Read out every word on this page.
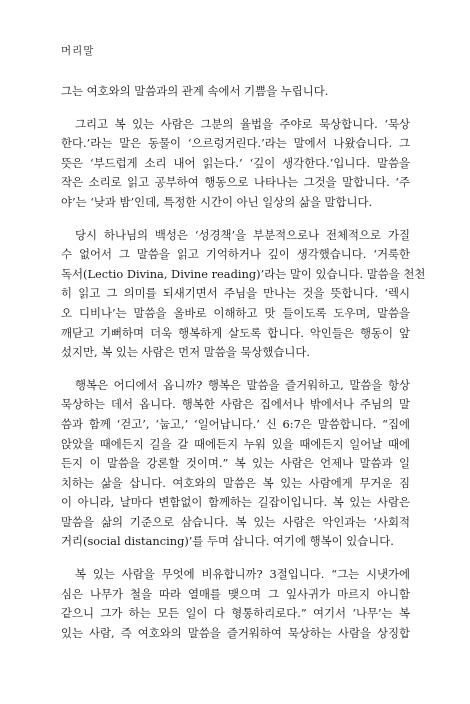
머리말

그는 여호와의 말씀과의 관계 속에서 기쁨을 누립니다.

그리고 복 있는 사람은 그분의 율법을 주야로 묵상합니다. ‘묵상
한다.’라는 말은 동물이 ‘으르렁거린다.’라는 말에서 나왔습니다. 그
뜻은 ‘부드럽게 소리 내어 읽는다.’ ‘깊이 생각한다.’입니다. 말씀을
작은 소리로 읽고 공부하여 행동으로 나타나는 그것을 말합니다. ‘주
야’는 ‘낮과 밤’인데, 특정한 시간이 아닌 일상의 삶을 말합니다.

당시 하나님의 백성은 ‘성경책’을 부분적으로나 전체적으로 가질
수 없어서 그 말씀을 읽고 기억하거나 깊이 생각했습니다. ‘거룩한
독서(Lectio Divina, Divine reading)’라는 말이 있습니다. 말씀을 천천
히 읽고 그 의미를 되새기면서 주님을 만나는 것을 뜻합니다. ‘렉시
오 디비나’는 말씀을 올바로 이해하고 맛 들이도록 도우며, 말씀을
깨닫고 기뻐하며 더욱 행복하게 살도록 합니다. 악인들은 행동이 앞
섰지만, 복 있는 사람은 먼저 말씀을 묵상했습니다.

행복은 어디에서 옵니까? 행복은 말씀을 즐거워하고, 말씀을 항상
묵상하는 데서 옵니다. 행복한 사람은 집에서나 밖에서나 주님의 말
씀과 함께 ‘걷고’, ‘눕고,’ ‘일어납니다.’ 신 6:7은 말씀합니다. “집에
앉았을 때에든지 길을 갈 때에든지 누워 있을 때에든지 일어날 때에
든지 이 말씀을 강론할 것이며.” 복 있는 사람은 언제나 말씀과 일
치하는 삶을 삽니다. 여호와의 말씀은 복 있는 사람에게 무거운 짐
이 아니라, 날마다 변함없이 함께하는 길잡이입니다. 복 있는 사람은
말씀을 삶의 기준으로 삼습니다. 복 있는 사람은 악인과는 ‘사회적
거리(social distancing)’를 두며 삽니다. 여기에 행복이 있습니다.

복 있는 사람을 무엇에 비유합니까? 3절입니다. “그는 시냇가에
심은 나무가 철을 따라 열매를 맺으며 그 잎사귀가 마르지 아니함
같으니 그가 하는 모든 일이 다 형통하리로다.” 여기서 ‘나무’는 복
있는 사람, 즉 여호와의 말씀을 즐거워하여 묵상하는 사람을 상징합
